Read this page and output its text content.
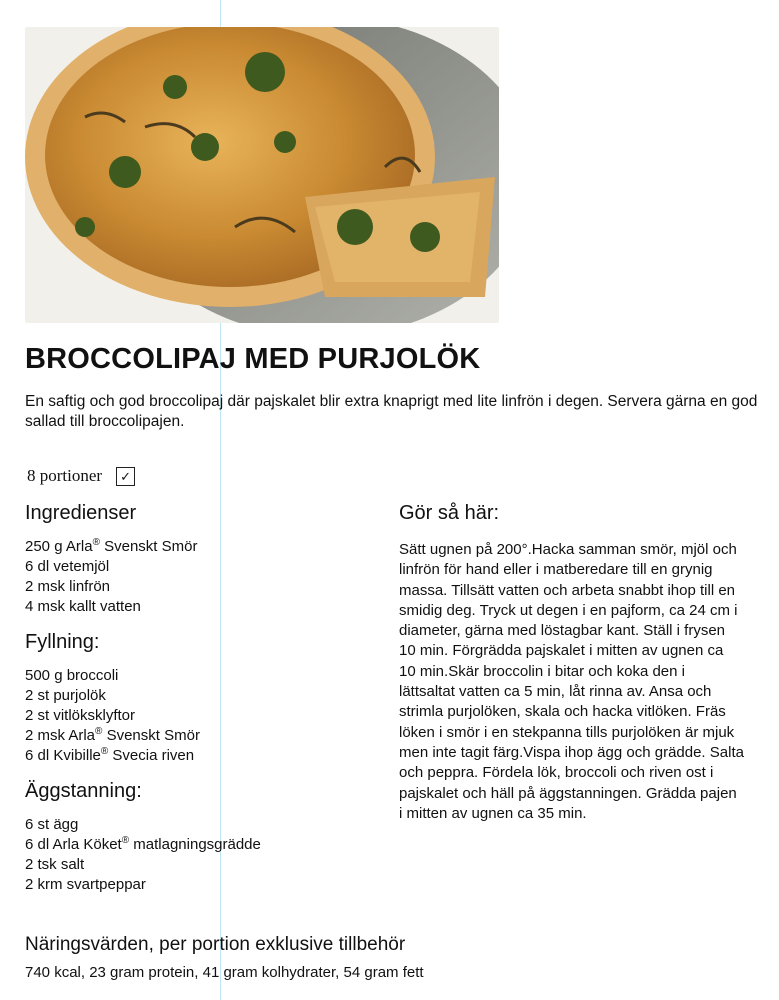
BROCCOLIPAJ MED PURJOLÖK

En saftig och god broccolipaj där pajskalet blir extra knaprigt med lite linfrön i degen. Servera gärna en god sallad till broccolipajen.

8 portioner	✓
Ingredienser
250 g Arla® Svenskt Smör
6 dl vetemjöl
2 msk linfrön
4 msk kallt vatten
Fyllning:
500 g broccoli
2 st purjolök
2 st vitlöksklyftor
2 msk Arla® Svenskt Smör
6 dl Kvibille® Svecia riven
Äggstanning:
6 st ägg
6 dl Arla Köket® matlagningsgrädde
2 tsk salt
2 krm svartpeppar
Gör så här:

Sätt ugnen på 200°.Hacka samman smör, mjöl och linfrön för hand eller i matberedare till en grynig massa. Tillsätt vatten och arbeta snabbt ihop till en smidig deg. Tryck ut degen i en pajform, ca 24 cm i diameter, gärna med löstagbar kant. Ställ i frysen 10 min. Förgrädda pajskalet i mitten av ugnen ca 10 min.Skär broccolin i bitar och koka den i lättsaltat vatten ca 5 min, låt rinna av. Ansa och strimla purjolöken, skala och hacka vitlöken. Fräs löken i smör i en stekpanna tills purjolöken är mjuk men inte tagit färg.Vispa ihop ägg och grädde. Salta och peppra. Fördela lök, broccoli och riven ost i pajskalet och häll på äggstanningen. Grädda pajen i mitten av ugnen ca 35 min.

Näringsvärden, per portion exklusive tillbehör

740 kcal, 23 gram protein, 41 gram kolhydrater, 54 gram fett
